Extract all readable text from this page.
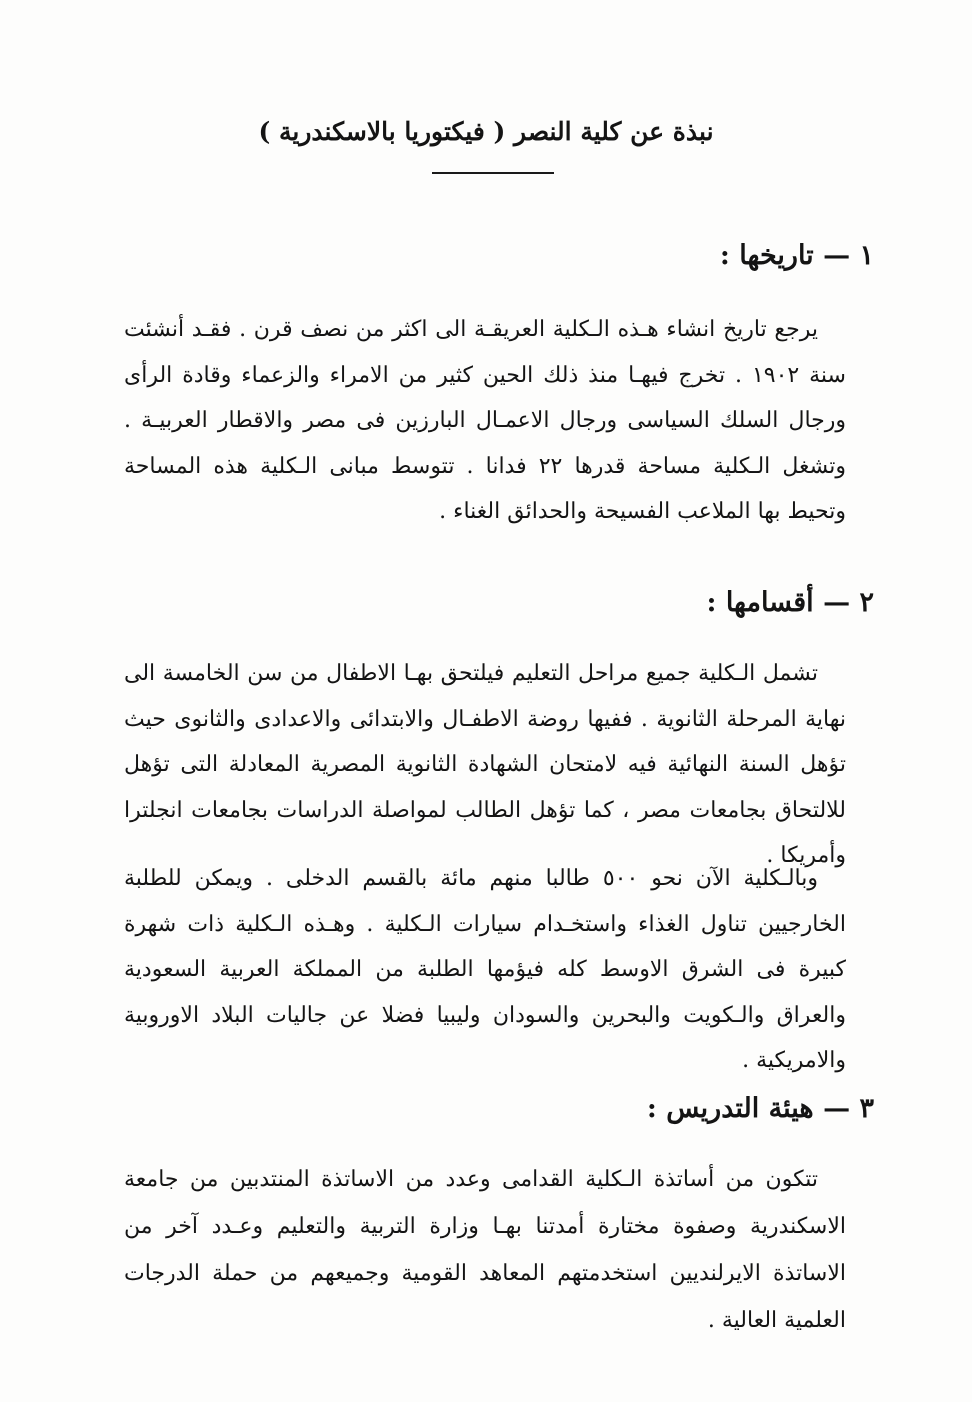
نبذة عن كلية النصر ( فيكتوريا بالاسكندرية )
١ — تاريخها :
يرجع تاريخ انشاء هـذه الـكلية العريقـة الى اكثر من نصف قرن . فقـد أنشئت سنة ١٩٠٢ . تخرج فيهـا منذ ذلك الحين كثير من الامراء والزعماء وقادة الرأى ورجال السلك السياسى ورجال الاعمـال البارزين فى مصر والاقطار العربيـة . وتشغل الـكلية مساحة قدرها ٢٢ فدانا . تتوسط مبانى الـكلية هذه المساحة وتحيط بها الملاعب الفسيحة والحدائق الغناء .
٢ — أقسامها :
تشمل الـكلية جميع مراحل التعليم فيلتحق بهـا الاطفال من سن الخامسة الى نهاية المرحلة الثانوية . ففيها روضة الاطفـال والابتدائى والاعدادى والثانوى حيث تؤهل السنة النهائية فيه لامتحان الشهادة الثانوية المصرية المعادلة التى تؤهل للالتحاق بجامعات مصر ، كما تؤهل الطالب لمواصلة الدراسات بجامعات انجلترا وأمريكا .
وبالـكلية الآن نحو ٥٠٠ طالبا منهم مائة بالقسم الدخلى . ويمكن للطلبة الخارجيين تناول الغذاء واستخـدام سيارات الـكلية . وهـذه الـكلية ذات شهرة كبيرة فى الشرق الاوسط كله فيؤمها الطلبة من المملكة العربية السعودية والعراق والـكويت والبحرين والسودان وليبيا فضلا عن جاليات البلاد الاوروبية والامريكية .
٣ — هيئة التدريس :
تتكون من أساتذة الـكلية القدامى وعدد من الاساتذة المنتدبين من جامعة الاسكندرية وصفوة مختارة أمدتنا بهـا وزارة التربية والتعليم وعـدد آخر من الاساتذة الايرلنديين استخدمتهم المعاهد القومية وجميعهم من حملة الدرجات العلمية العالية .
